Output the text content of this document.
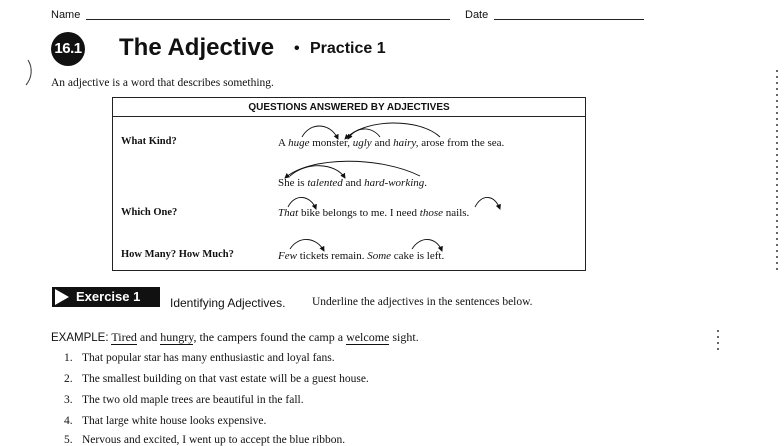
Name	Date
16.1 The Adjective • Practice 1
An adjective is a word that describes something.
QUESTIONS ANSWERED BY ADJECTIVES
What Kind?
Which One?
How Many? How Much?
A huge monster, ugly and hairy, arose from the sea.
She is talented and hard-working.
That bike belongs to me. I need those nails.
Few tickets remain. Some cake is left.
Exercise 1 Identifying Adjectives. Underline the adjectives in the sentences below.
EXAMPLE: Tired and hungry, the campers found the camp a welcome sight.
1. That popular star has many enthusiastic and loyal fans.
2. The smallest building on that vast estate will be a guest house.
3. The two old maple trees are beautiful in the fall.
4. That large white house looks expensive.
5. Nervous and excited, I went up to accept the blue ribbon.
